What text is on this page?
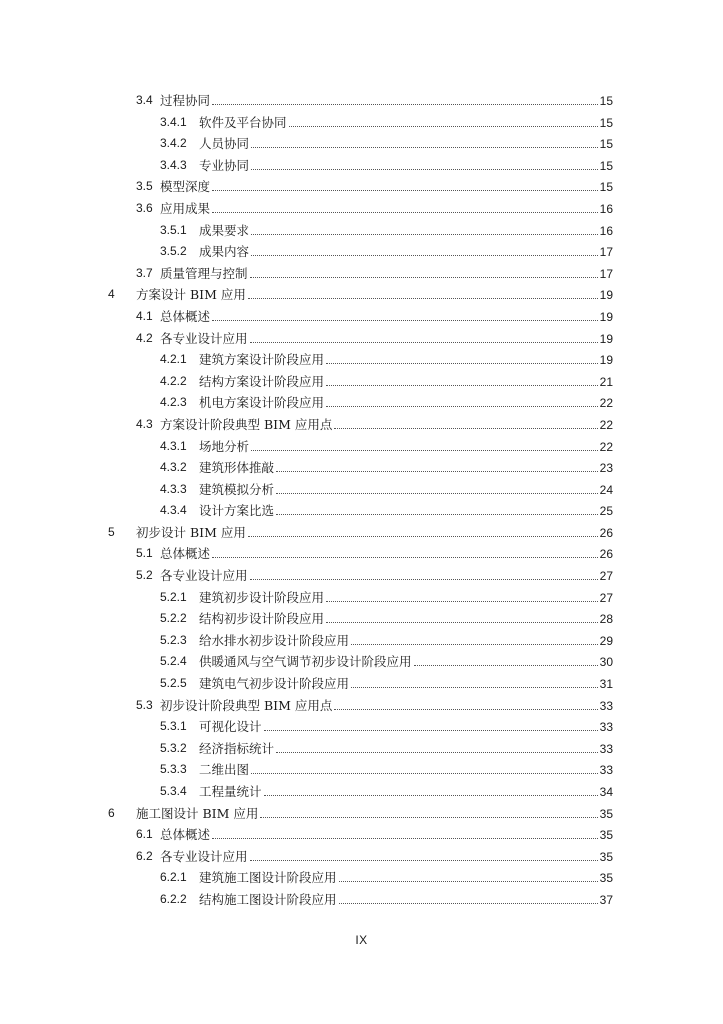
3.4 过程协同	15
3.4.1 软件及平台协同	15
3.4.2 人员协同	15
3.4.3 专业协同	15
3.5 模型深度	15
3.6 应用成果	16
3.5.1 成果要求	16
3.5.2 成果内容	17
3.7 质量管理与控制	17
4 方案设计 BIM 应用	19
4.1 总体概述	19
4.2 各专业设计应用	19
4.2.1 建筑方案设计阶段应用	19
4.2.2 结构方案设计阶段应用	21
4.2.3 机电方案设计阶段应用	22
4.3 方案设计阶段典型 BIM 应用点	22
4.3.1 场地分析	22
4.3.2 建筑形体推敲	23
4.3.3 建筑模拟分析	24
4.3.4 设计方案比选	25
5 初步设计 BIM 应用	26
5.1 总体概述	26
5.2 各专业设计应用	27
5.2.1 建筑初步设计阶段应用	27
5.2.2 结构初步设计阶段应用	28
5.2.3 给水排水初步设计阶段应用	29
5.2.4 供暖通风与空气调节初步设计阶段应用	30
5.2.5 建筑电气初步设计阶段应用	31
5.3 初步设计阶段典型 BIM 应用点	33
5.3.1 可视化设计	33
5.3.2 经济指标统计	33
5.3.3 二维出图	33
5.3.4 工程量统计	34
6 施工图设计 BIM 应用	35
6.1 总体概述	35
6.2 各专业设计应用	35
6.2.1 建筑施工图设计阶段应用	35
6.2.2 结构施工图设计阶段应用	37
IX
